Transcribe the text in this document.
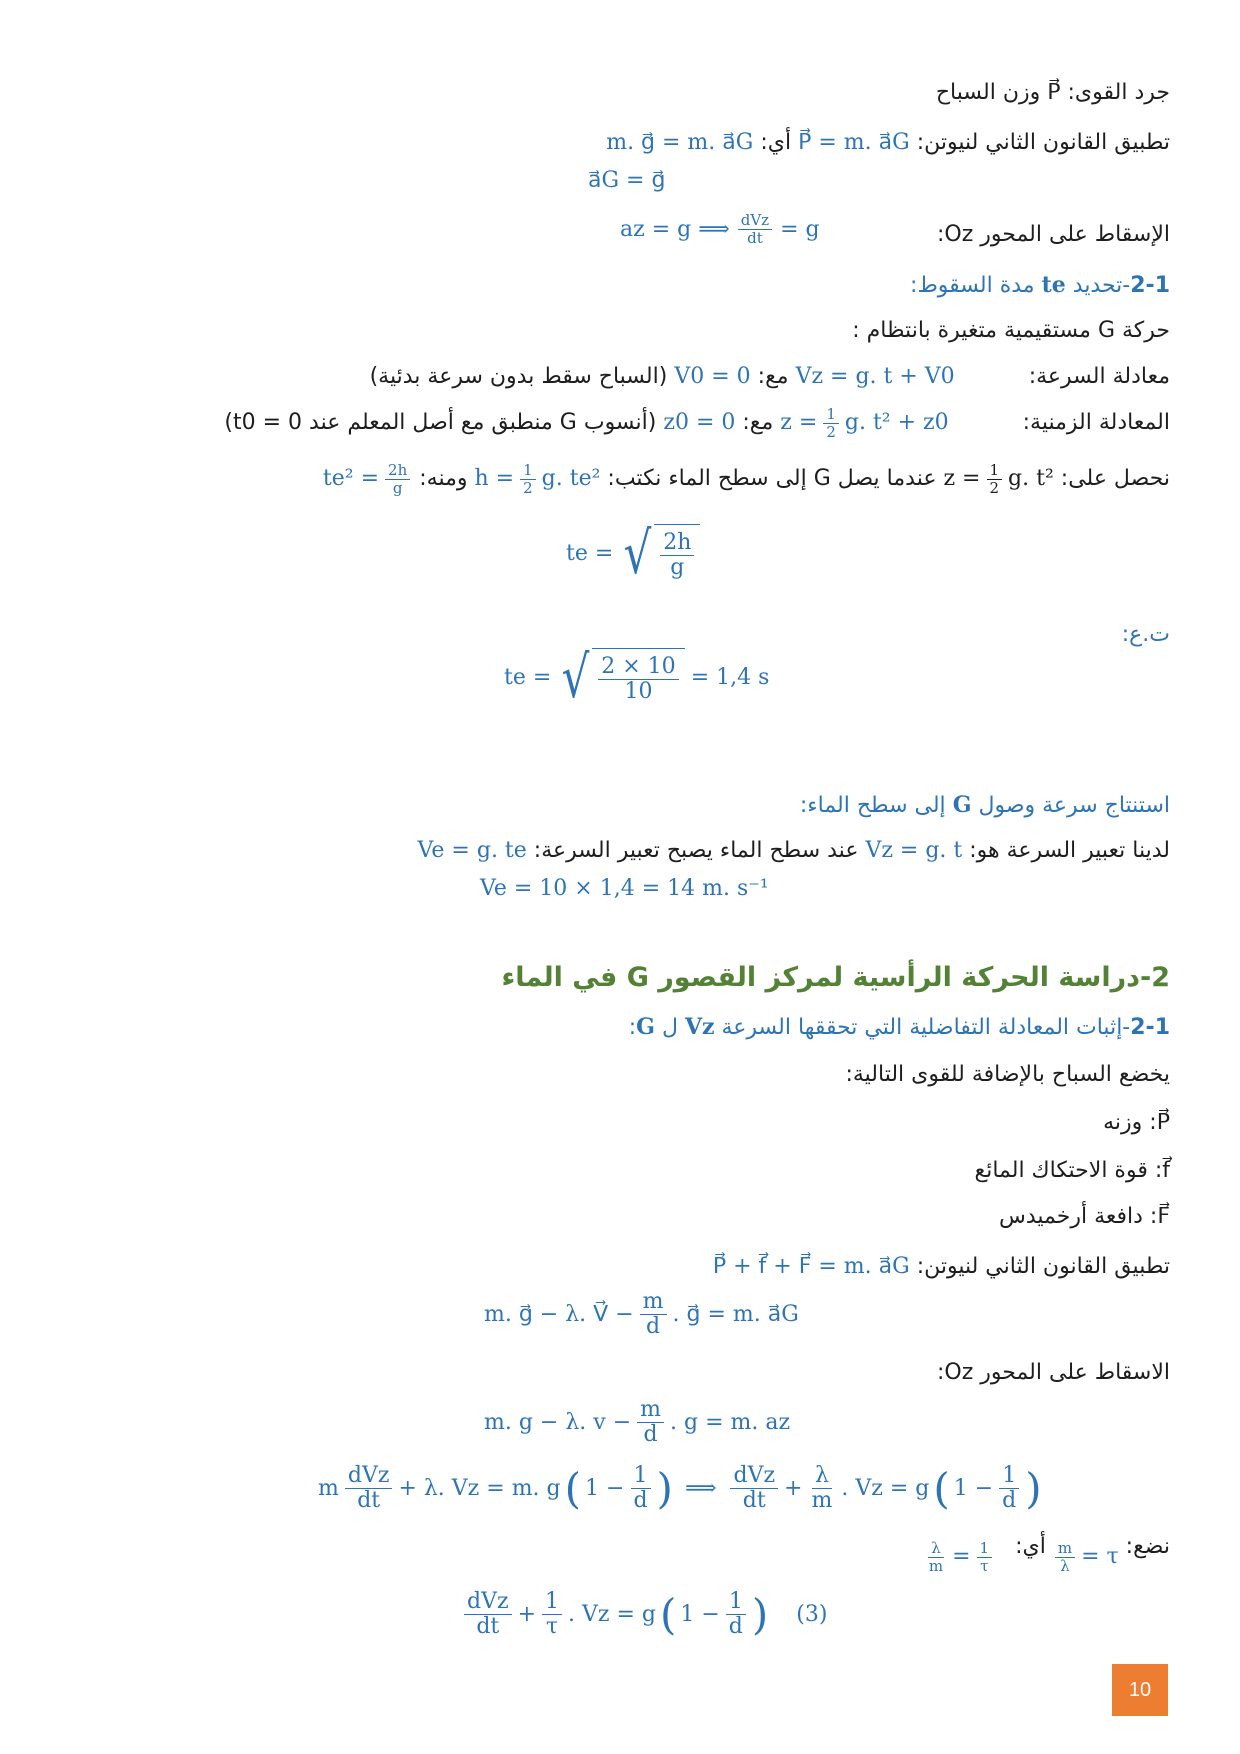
جرد القوى: P⃗ وزن السباح
تطبيق القانون الثاني لنيوتن: P⃗ = m. a⃗G أي: m. g⃗ = m. a⃗G
a⃗G = g⃗
الإسقاط على المحور Oz:
az = g ⟹ $\frac{\text{dVz}}{dt} = g$
2-1-تحديد te مدة السقوط:
حركة G مستقيمية متغيرة بانتظام :
معادلة السرعة:  Vz = g. t + V0 مع: V0 = 0 (السباح سقط بدون سرعة بدئية)
المعادلة الزمنية:
$z = \frac{1}{2} g$. t² + z0
مع: z0 = 0 (أنسوب G منطبق مع أصل المعلم عند t0 = 0)
نحصل على:
$z = \frac{1}{2} g$. t²
عندما يصل G إلى سطح الماء نكتب:
$h = \frac{1}{2} g$. te²
ومنه:
$te^2 = \frac{2h}{g}$
te = √ $\frac{2h}{g}$
ت.ع:
te = √ $\frac{2 \times 10}{10} = 1,4$ s
استنتاج سرعة وصول G إلى سطح الماء:
لدينا تعبير السرعة هو: Vz = g. t عند سطح الماء يصبح تعبير السرعة: Ve = g. te
Ve = 10 × 1,4 = 14 m. s⁻¹
2-دراسة الحركة الرأسية لمركز القصور G في الماء
2-1-إثبات المعادلة التفاضلية التي تحققها السرعة Vz ل G:
يخضع السباح بالإضافة للقوى التالية:
P⃗: وزنه
f⃗: قوة الاحتكاك المائع
F⃗: دافعة أرخميدس
تطبيق القانون الثاني لنيوتن: P⃗ + f⃗ + F⃗ = m. a⃗G
m. g⃗ − λ. V⃗ − $\frac{m}{d}$ . g⃗ = m. a⃗G
الاسقاط على المحور Oz:
m. g − λ. $v - \frac{m}{d}$ . g = m. az
m $\frac{\text{dVz}}{dt} + \lambda$. Vz = m. g ( $1 - \frac{1}{d}$ ) ⟹ $\frac{\text{dVz}}{dt} + \frac{\lambda}{m}$ . Vz = g ( $1 - \frac{1}{d}$ )
نضع:
$\frac{m}{\lambda} = \tau$
أي:
$\frac{\lambda}{m} = \frac{1}{\tau}$
$\frac{\text{dVz}}{dt} + \frac{1}{\tau}$ . Vz = g ( $1 - \frac{1}{d}$ ) (3)
10
